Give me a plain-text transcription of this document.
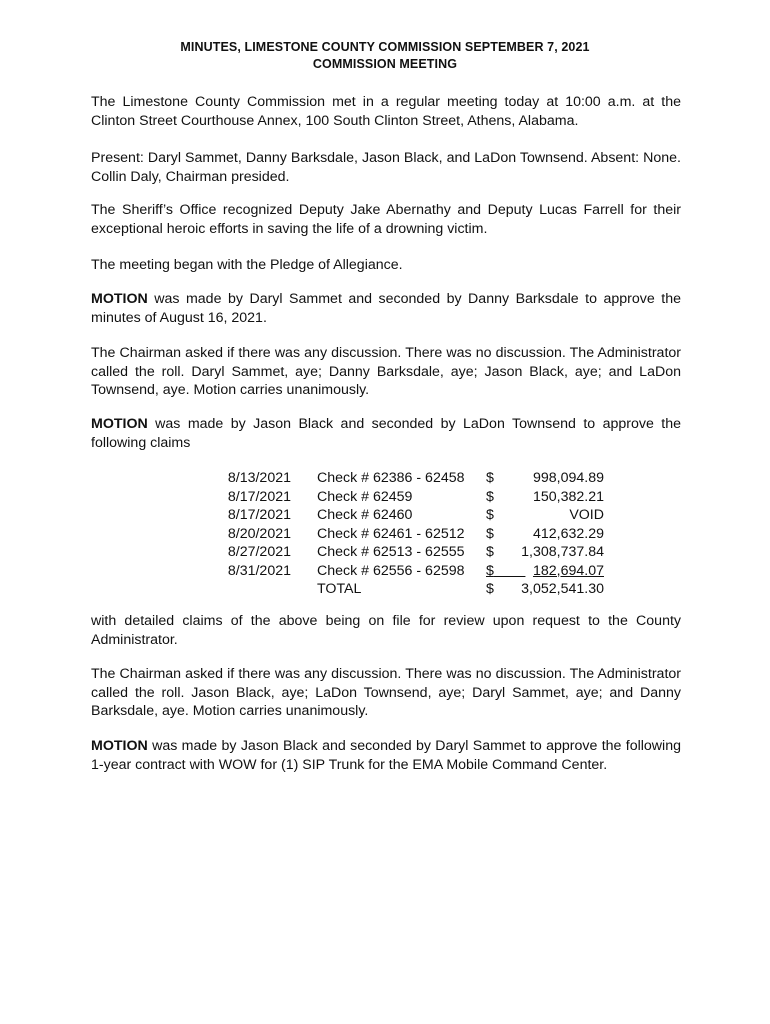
MINUTES, LIMESTONE COUNTY COMMISSION SEPTEMBER 7, 2021
COMMISSION MEETING

The Limestone County Commission met in a regular meeting today at 10:00 a.m. at the Clinton Street Courthouse Annex, 100 South Clinton Street, Athens, Alabama.

Present: Daryl Sammet, Danny Barksdale, Jason Black, and LaDon Townsend. Absent: None. Collin Daly, Chairman presided.

The Sheriff’s Office recognized Deputy Jake Abernathy and Deputy Lucas Farrell for their exceptional heroic efforts in saving the life of a drowning victim.

The meeting began with the Pledge of Allegiance.

MOTION was made by Daryl Sammet and seconded by Danny Barksdale to approve the minutes of August 16, 2021.

The Chairman asked if there was any discussion. There was no discussion. The Administrator called the roll. Daryl Sammet, aye; Danny Barksdale, aye; Jason Black, aye; and LaDon Townsend, aye. Motion carries unanimously.

MOTION was made by Jason Black and seconded by LaDon Townsend to approve the following claims

8/13/2021 Check # 62386 - 62458 $	998,094.89
8/17/2021 Check # 62459	$	150,382.21
8/17/2021 Check # 62460	$	VOID
8/20/2021 Check # 62461 - 62512 $	412,632.29
8/27/2021 Check # 62513 - 62555 $ 1,308,737.84
8/31/2021 Check # 62556 - 62598 $	182,694.07
TOTAL	$ 3,052,541.30

with detailed claims of the above being on file for review upon request to the County Administrator.

The Chairman asked if there was any discussion. There was no discussion. The Administrator called the roll. Jason Black, aye; LaDon Townsend, aye; Daryl Sammet, aye; and Danny Barksdale, aye. Motion carries unanimously.

MOTION was made by Jason Black and seconded by Daryl Sammet to approve the following 1-year contract with WOW for (1) SIP Trunk for the EMA Mobile Command Center.
